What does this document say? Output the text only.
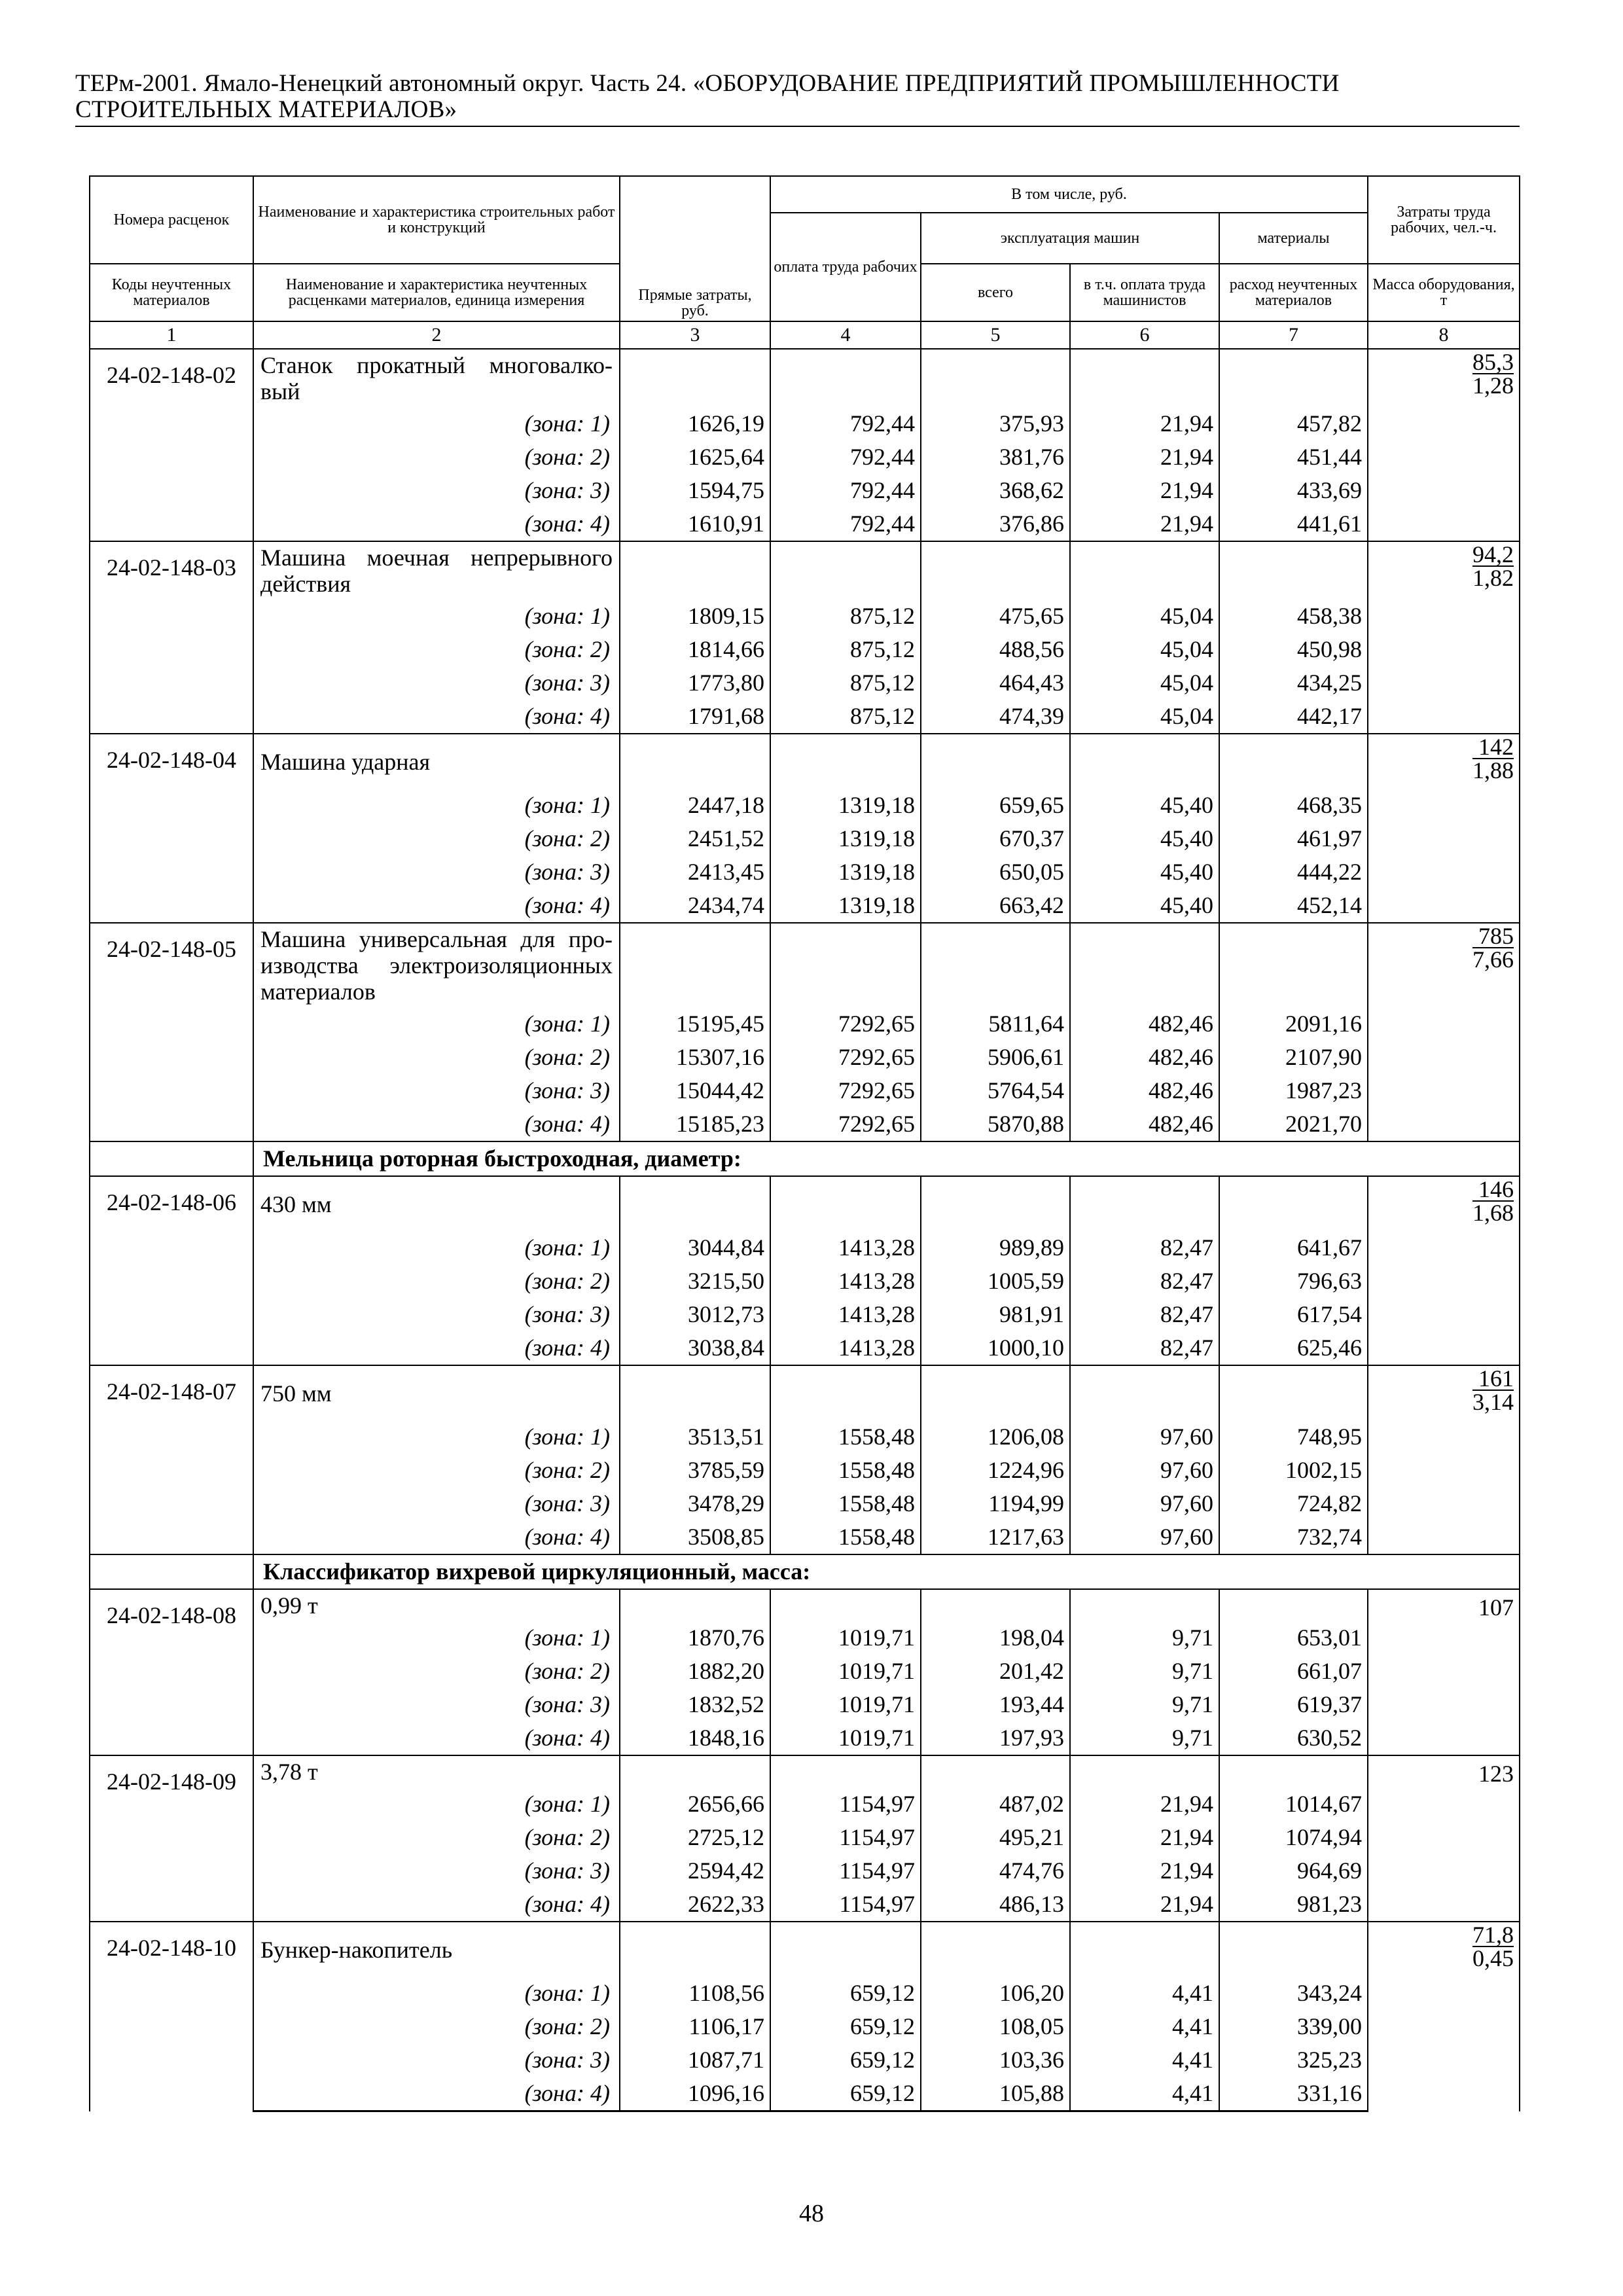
ТЕРм-2001. Ямало-Ненецкий автономный округ. Часть 24. «ОБОРУДОВАНИЕ ПРЕДПРИЯТИЙ ПРОМЫШЛЕННОСТИ
СТРОИТЕЛЬНЫХ МАТЕРИАЛОВ»
Номера расценок	Наименование и характеристика строительных работ и конструкций	Прямые затраты, руб.	В том числе, руб.				Затраты труда рабочих, чел.-ч.
			оплата труда рабочих	эксплуатация машин		материалы	
Коды неучтенных материалов	Наименование и характеристика неучтенных расценками материалов, единица измерения			всего	в т.ч. оплата труда машинистов	расход неучтенных материалов	Масса оборудования, т
1	2	3	4	5	6	7	8
24-02-148-02	Станок прокатный многовалко-вый						$\frac{85,3}{1,28}$

	(зона: 1)	1626,19	792,44	375,93	21,94	457,82	
	(зона: 2)	1625,64	792,44	381,76	21,94	451,44	
	(зона: 3)	1594,75	792,44	368,62	21,94	433,69	
	(зона: 4)	1610,91	792,44	376,86	21,94	441,61	
24-02-148-03	Машина моечная непрерывного действия						$\frac{94,2}{1,82}$

	(зона: 1)	1809,15	875,12	475,65	45,04	458,38	
	(зона: 2)	1814,66	875,12	488,56	45,04	450,98	
	(зона: 3)	1773,80	875,12	464,43	45,04	434,25	
	(зона: 4)	1791,68	875,12	474,39	45,04	442,17	
24-02-148-04	Машина ударная						$\frac{142}{1,88}$

	(зона: 1)	2447,18	1319,18	659,65	45,40	468,35	
	(зона: 2)	2451,52	1319,18	670,37	45,40	461,97	
	(зона: 3)	2413,45	1319,18	650,05	45,40	444,22	
	(зона: 4)	2434,74	1319,18	663,42	45,40	452,14	
24-02-148-05	Машина универсальная для про-изводства электроизоляционных материалов						$\frac{785}{7,66}$

	(зона: 1)	15195,45	7292,65	5811,64	482,46	2091,16	
	(зона: 2)	15307,16	7292,65	5906,61	482,46	2107,90	
	(зона: 3)	15044,42	7292,65	5764,54	482,46	1987,23	
	(зона: 4)	15185,23	7292,65	5870,88	482,46	2021,70	
	Мельница роторная быстроходная, диаметр:						
24-02-148-06	430 мм						$\frac{146}{1,68}$

	(зона: 1)	3044,84	1413,28	989,89	82,47	641,67	
	(зона: 2)	3215,50	1413,28	1005,59	82,47	796,63	
	(зона: 3)	3012,73	1413,28	981,91	82,47	617,54	
	(зона: 4)	3038,84	1413,28	1000,10	82,47	625,46	
24-02-148-07	750 мм						$\frac{161}{3,14}$

	(зона: 1)	3513,51	1558,48	1206,08	97,60	748,95	
	(зона: 2)	3785,59	1558,48	1224,96	97,60	1002,15	
	(зона: 3)	3478,29	1558,48	1194,99	97,60	724,82	
	(зона: 4)	3508,85	1558,48	1217,63	97,60	732,74	
	Классификатор вихревой циркуляционный, масса:						
24-02-148-08	0,99 т						107
	(зона: 1)	1870,76	1019,71	198,04	9,71	653,01	
	(зона: 2)	1882,20	1019,71	201,42	9,71	661,07	
	(зона: 3)	1832,52	1019,71	193,44	9,71	619,37	
	(зона: 4)	1848,16	1019,71	197,93	9,71	630,52	
24-02-148-09	3,78 т						123
	(зона: 1)	2656,66	1154,97	487,02	21,94	1014,67	
	(зона: 2)	2725,12	1154,97	495,21	21,94	1074,94	
	(зона: 3)	2594,42	1154,97	474,76	21,94	964,69	
	(зона: 4)	2622,33	1154,97	486,13	21,94	981,23	
24-02-148-10	Бункер-накопитель						$\frac{71,8}{0,45}$

	(зона: 1)	1108,56	659,12	106,20	4,41	343,24	
	(зона: 2)	1106,17	659,12	108,05	4,41	339,00	
	(зона: 3)	1087,71	659,12	103,36	4,41	325,23	
	(зона: 4)	1096,16	659,12	105,88	4,41	331,16	
48
